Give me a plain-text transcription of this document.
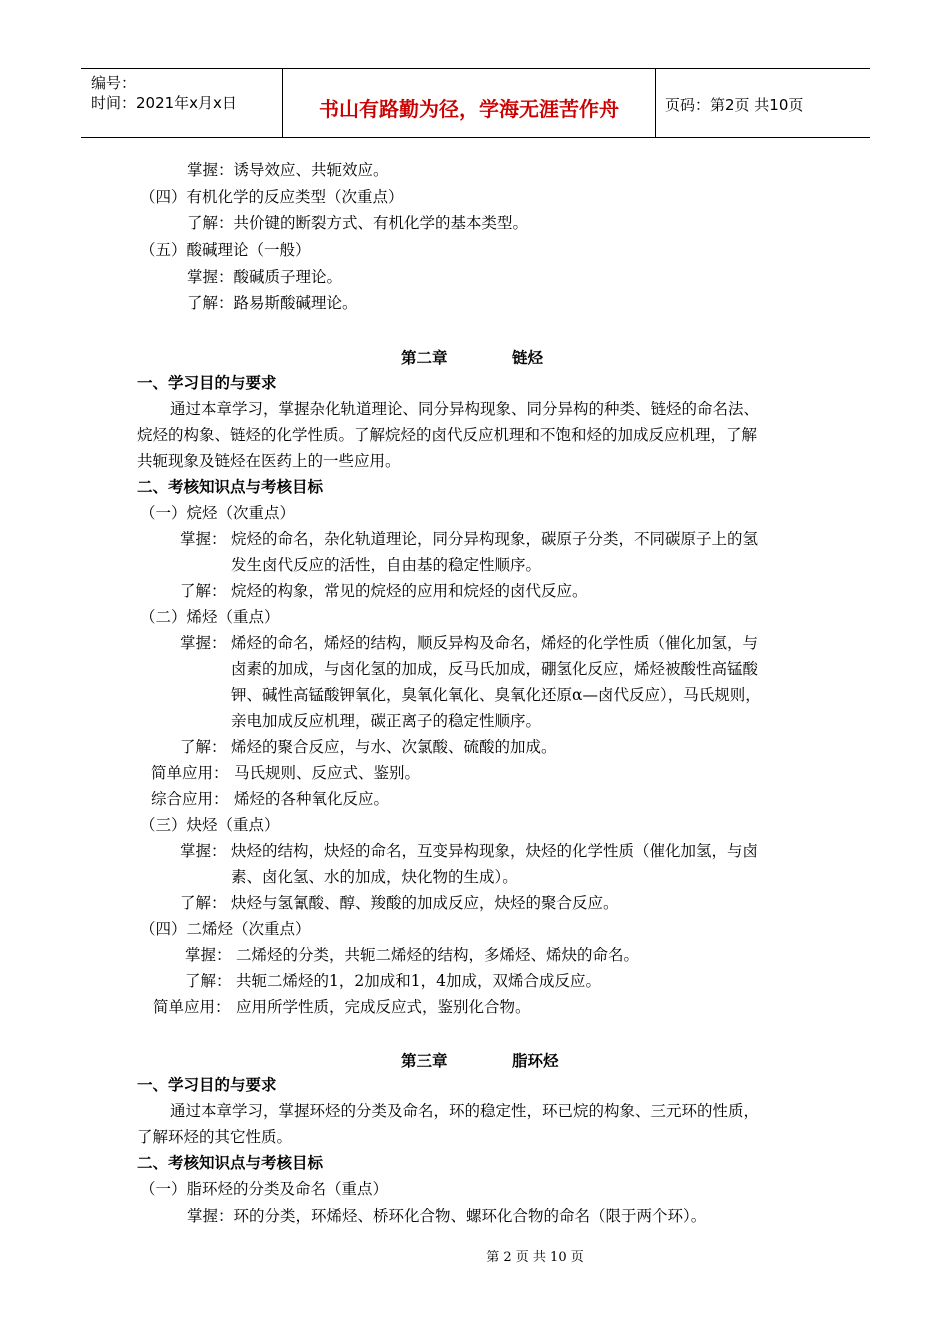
编号：
时间：2021年x月x日	书山有路勤为径，学海无涯苦作舟	页码：第2页 共10页
掌握：诱导效应、共轭效应。
（四）有机化学的反应类型（次重点）
了解：共价键的断裂方式、有机化学的基本类型。
（五）酸碱理论（一般）
掌握：酸碱质子理论。
了解：路易斯酸碱理论。
第二章	链烃
一、学习目的与要求
通过本章学习，掌握杂化轨道理论、同分异构现象、同分异构的种类、链烃的命名法、
烷烃的构象、链烃的化学性质。了解烷烃的卤代反应机理和不饱和烃的加成反应机理，了解
共轭现象及链烃在医药上的一些应用。
二、考核知识点与考核目标
（一）烷烃（次重点）
掌握： 烷烃的命名，杂化轨道理论，同分异构现象，碳原子分类，不同碳原子上的氢
发生卤代反应的活性，自由基的稳定性顺序。
了解： 烷烃的构象，常见的烷烃的应用和烷烃的卤代反应。
（二）烯烃（重点）
掌握： 烯烃的命名，烯烃的结构，顺反异构及命名，烯烃的化学性质（催化加氢，与
卤素的加成，与卤化氢的加成，反马氏加成，硼氢化反应，烯烃被酸性高锰酸
钾、碱性高锰酸钾氧化，臭氧化氧化、臭氧化还原α—卤代反应），马氏规则，
亲电加成反应机理，碳正离子的稳定性顺序。
了解： 烯烃的聚合反应，与水、次氯酸、硫酸的加成。
简单应用： 马氏规则、反应式、鉴别。
综合应用： 烯烃的各种氧化反应。
（三）炔烃（重点）
掌握： 炔烃的结构，炔烃的命名，互变异构现象，炔烃的化学性质（催化加氢，与卤
素、卤化氢、水的加成，炔化物的生成）。
了解： 炔烃与氢氰酸、醇、羧酸的加成反应，炔烃的聚合反应。
（四）二烯烃（次重点）
掌握： 二烯烃的分类，共轭二烯烃的结构，多烯烃、烯炔的命名。
了解： 共轭二烯烃的1，2加成和1，4加成，双烯合成反应。
简单应用： 应用所学性质，完成反应式，鉴别化合物。
第三章	脂环烃
一、学习目的与要求
通过本章学习，掌握环烃的分类及命名，环的稳定性，环已烷的构象、三元环的性质，
了解环烃的其它性质。
二、考核知识点与考核目标
（一）脂环烃的分类及命名（重点）
掌握：环的分类，环烯烃、桥环化合物、螺环化合物的命名（限于两个环）。
第 2 页 共 10 页
